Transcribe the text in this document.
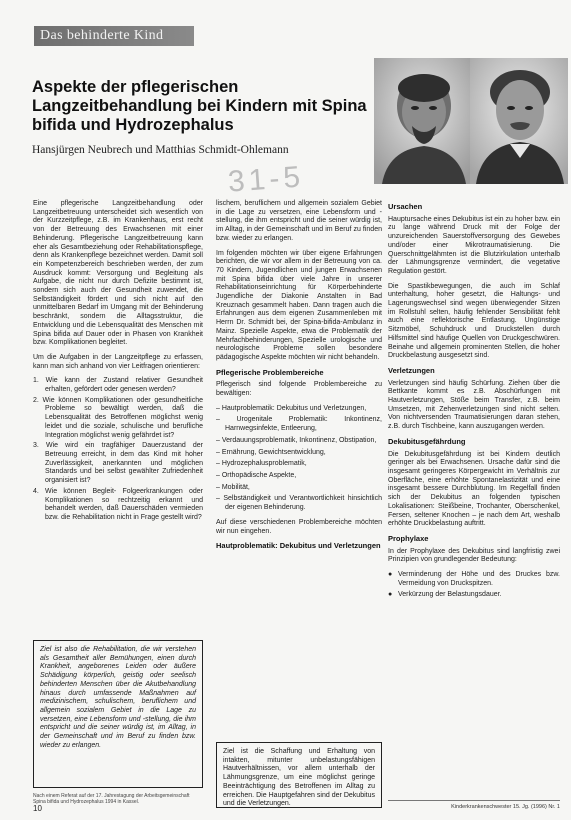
Das behinderte Kind
Aspekte der pflegerischen Langzeitbehandlung bei Kindern mit Spina bifida und Hydrozephalus
Hansjürgen Neubrech und Matthias Schmidt-Ohlemann
31-5

Eine pflegerische Langzeitbehandlung oder Langzeitbetreuung unterscheidet sich wesentlich von der Kurzzeitpflege, z.B. im Krankenhaus, erst recht von der Betreuung des Erwachsenen mit einer Behinderung. Pflegerische Langzeitbetreuung kann eher als Gesamtbeziehung oder Rehabilitationspflege, denn als Krankenpflege bezeichnet werden. Damit soll ein Kompetenzbereich beschrieben werden, der zum Ausdruck kommt: Versorgung und Begleitung als Aufgabe, die nicht nur durch Defizite bestimmt ist, sondern sich auch der Gesundheit zuwendet, die Selbständigkeit fördert und sich nicht auf den unmittelbaren Bedarf im Umgang mit der Behinderung beschränkt, sondern die Alltagsstruktur, die Entwicklung und die Lebensqualität des Menschen mit Spina bifida auf Dauer oder in Phasen von Krankheit bzw. Komplikationen begleitet.

Um die Aufgaben in der Langzeitpflege zu erfassen, kann man sich anhand von vier Leitfragen orientieren:

1. Wie kann der Zustand relativer Gesundheit erhalten, gefördert oder genesen werden?
2. Wie können Komplikationen oder gesundheitliche Probleme so bewältigt werden, daß die Lebensqualität des Betroffenen möglichst wenig leidet und die soziale, schulische und berufliche Integration möglichst wenig gefährdet ist?
3. Wie wird ein tragfähiger Dauerzustand der Betreuung erreicht, in dem das Kind mit hoher Zuverlässigkeit, anerkannten und möglichen Standards und bei selbst gewählter Zufriedenheit organisiert ist?
4. Wie können Begleit- Folgeerkrankungen oder Komplikationen so rechtzeitig erkannt und behandelt werden, daß Dauerschäden vermieden bzw. die Rehabilitation nicht in Frage gestellt wird?
Ziel ist also die Rehabilitation, die wir verstehen als Gesamtheit aller Bemühungen, einen durch Krankheit, angeborenes Leiden oder äußere Schädigung körperlich, geistig oder seelisch behinderten Menschen über die Akutbehandlung hinaus durch umfassende Maßnahmen auf medizinischem, schulischem, beruflichem und allgemein sozialem Gebiet in die Lage zu versetzen, eine Lebensform und -stellung, die ihm entspricht und die seiner würdig ist, im Alltag, in der Gemeinschaft und im Beruf zu finden bzw. wieder zu erlangen.
Nach einem Referat auf der 17. Jahrestagung der Arbeitsgemeinschaft Spina bifida und Hydrozephalus 1994 in Kassel.

lischem, beruflichem und allgemein sozialem Gebiet in die Lage zu versetzen, eine Lebensform und -stellung, die ihm entspricht und die seiner würdig ist, im Alltag, in der Gemeinschaft und im Beruf zu finden bzw. wieder zu erlangen.

Im folgenden möchten wir über eigene Erfahrungen berichten, die wir vor allem in der Betreuung von ca. 70 Kindern, Jugendlichen und jungen Erwachsenen mit Spina bifida über viele Jahre in unserer Rehabilitationseinrichtung für Körperbehinderte Jugendliche der Diakonie Anstalten in Bad Kreuznach gesammelt haben. Dann tragen auch die Erfahrungen aus dem eigenen Zusammenleben mit Herrn Dr. Schmidt bei, der Spina-bifida-Ambulanz in Mainz. Spezielle Aspekte, etwa die Problematik der Mehrfachbehinderungen, Spezielle urologische und neurologische Probleme sollen besondere pädagogische Aspekte möchten wir nicht behandeln.

Pflegerische Problembereiche

Pflegerisch sind folgende Problembereiche zu bewältigen:

– Hautproblematik: Dekubitus und Verletzungen,
– Urogenitale Problematik: Inkontinenz, Harnwegsinfekte, Entleerung,
– Verdauungsproblematik, Inkontinenz, Obstipation,
– Ernährung, Gewichtsentwicklung,
– Hydrozephalusproblematik,
– Orthopädische Aspekte,
– Mobilität,
– Selbständigkeit und Verantwortlichkeit hinsichtlich der eigenen Behinderung.

Auf diese verschiedenen Problembereiche möchten wir nun eingehen.

Hautproblematik: Dekubitus und Verletzungen
Ziel ist die Schaffung und Erhaltung von intakten, mitunter unbelastungsfähigen Hautverhältnissen, vor allem unterhalb der Lähmungsgrenze, um eine möglichst geringe Beeinträchtigung des Betroffenen im Alltag zu erreichen. Die Hauptgefahren sind der Dekubitus und die Verletzungen.
Ursachen

Hauptursache eines Dekubitus ist ein zu hoher bzw. ein zu lange während Druck mit der Folge der unzureichenden Sauerstoffversorgung des Gewebes und/oder einer Mikrotraumatisierung. Die Querschnittgelähmten ist die Blutzirkulation unterhalb der Lähmungsgrenze vermindert, die vegetative Regulation gestört.

Die Spastikbewegungen, die auch im Schlaf unterhaltung, hoher gesetzt, die Haltungs- und Lagerungswechsel sind wegen überwiegender Sitzen im Rollstuhl selten, häufig fehlender Sensibilität fehlt auch eine reflektorische Entlastung. Ungünstige Sitzmöbel, Schuhdruck und Druckstellen durch Hilfsmittel sind häufige Quellen von Druckgeschwüren. Beinahe und allgemein prominenten Stellen, die hoher Druckbelastung ausgesetzt sind.

Verletzungen

Verletzungen sind häufig Schürfung. Ziehen über die Bettkante kommt es z.B. Abschürfungen mit Hautverletzungen, Stöße beim Transfer, z.B. beim Umsetzen, mit Zehenverletzungen sind nicht selten. Von nichtversenden Traumatisierungen daran stehen, z.B. durch Tischbeine, kann auszugangen werden.

Dekubitusgefährdung

Die Dekubitusgefährdung ist bei Kindern deutlich geringer als bei Erwachsenen. Ursache dafür sind die insgesamt geringeres Körpergewicht im Verhältnis zur Oberfläche, eine erhöhte Spontanelastizität und eine insgesamt bessere Durchblutung. Im Regelfall finden sich der Dekubitus an folgenden typischen Lokalisationen: Steißbeine, Trochanter, Oberschenkel, Fersen, seltener Knochen – je nach dem Art, weshalb erhöhte Druckbelastung auftritt.

Prophylaxe

In der Prophylaxe des Dekubitus sind langfristig zwei Prinzipien von grundlegender Bedeutung:

● Verminderung der Höhe und des Druckes bzw. Vermeidung von Druckspitzen.
● Verkürzung der Belastungsdauer.
10	Kinderkrankenschwester 15. Jg. (1996) Nr. 1
